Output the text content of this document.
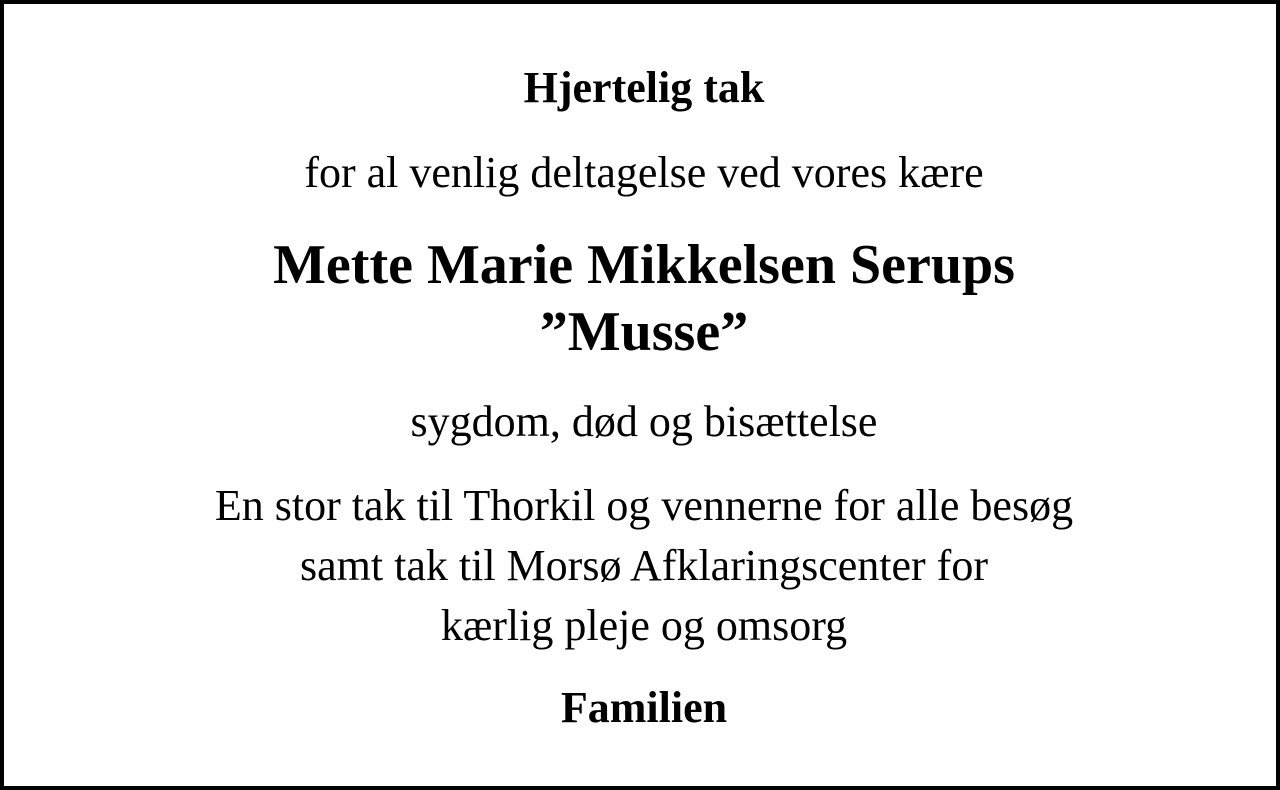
Hjertelig tak
for al venlig deltagelse ved vores kære
Mette Marie Mikkelsen Serups
”Musse”
sygdom, død og bisættelse
En stor tak til Thorkil og vennerne for alle besøg
samt tak til Morsø Afklaringscenter for
kærlig pleje og omsorg
Familien
